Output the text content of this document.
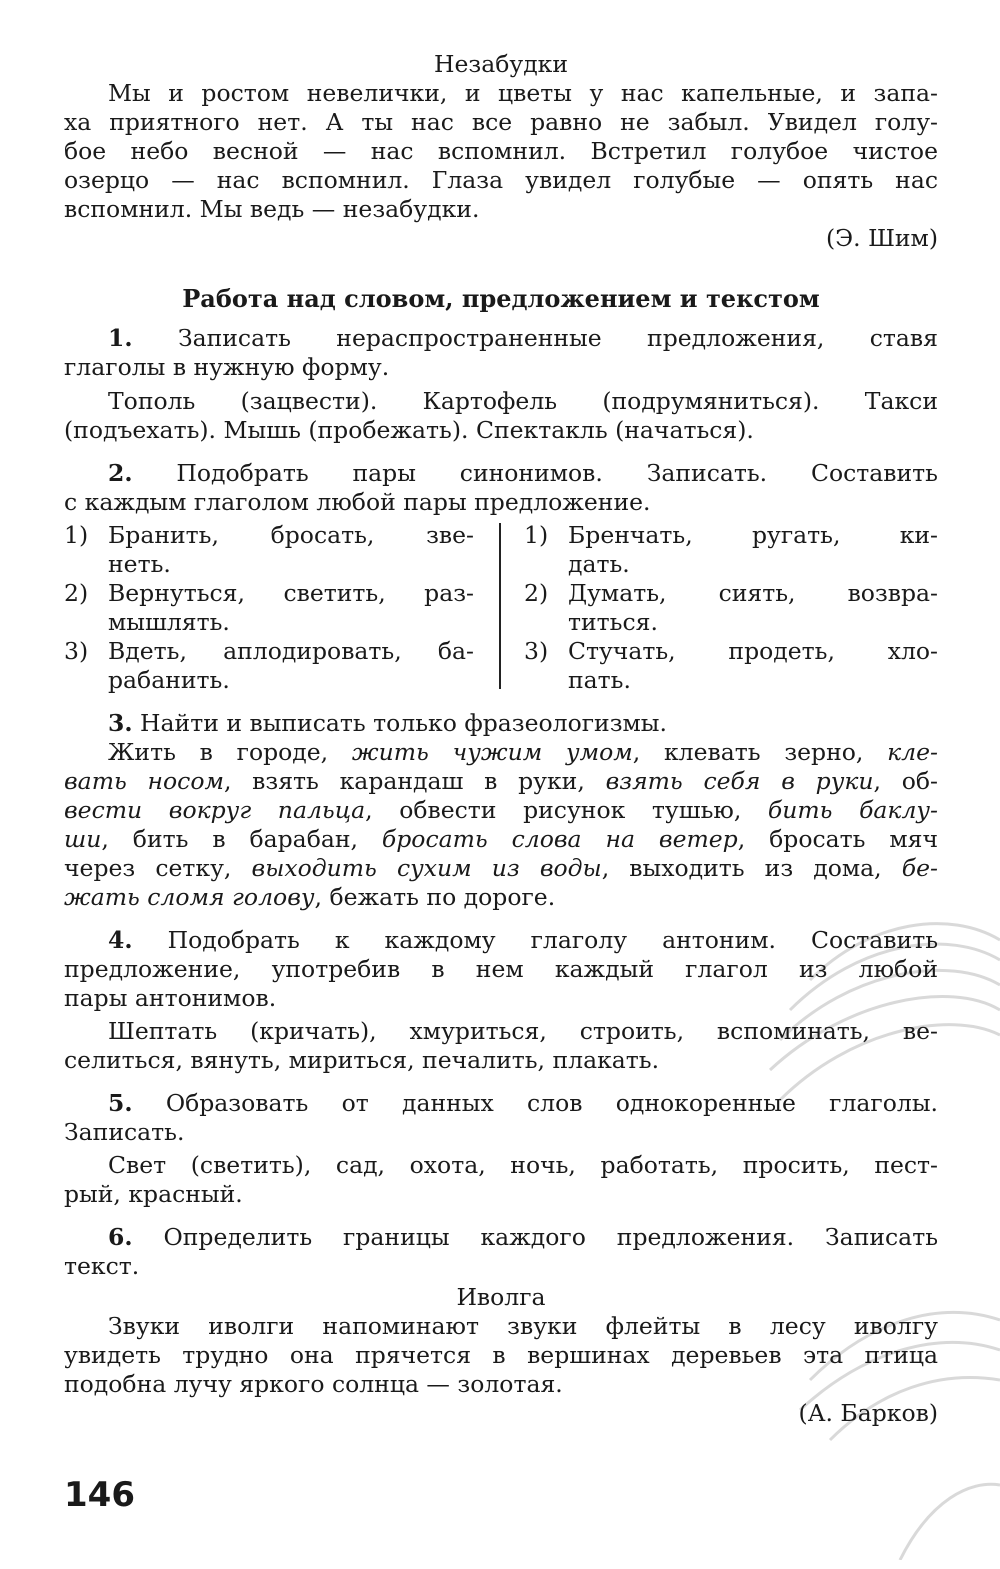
Незабудки
Мы и ростом невелички, и цветы у нас капельные, и запа-
ха приятного нет. А ты нас все равно не забыл. Увидел голу-
бое небо весной — нас вспомнил. Встретил голубое чистое
озерцо — нас вспомнил. Глаза увидел голубые — опять нас
вспомнил. Мы ведь — незабудки.
(Э. Шим)
Работа над словом, предложением и текстом
1. Записать нераспространенные предложения, ставя
глаголы в нужную форму.
Тополь (зацвести). Картофель (подрумяниться). Такси
(подъехать). Мышь (пробежать). Спектакль (начаться).
2. Подобрать пары синонимов. Записать. Составить
с каждым глаголом любой пары предложение.
1) Бранить, бросать, зве-
неть.
2) Вернуться, светить, раз-
мышлять.
3) Вдеть, аплодировать, ба-
рабанить.
1) Бренчать, ругать, ки-
дать.
2) Думать, сиять, возвра-
титься.
3) Стучать, продеть, хло-
пать.
3. Найти и выписать только фразеологизмы.
Жить в городе, жить чужим умом, клевать зерно, кле-
вать носом, взять карандаш в руки, взять себя в руки, об-
вести вокруг пальца, обвести рисунок тушью, бить баклу-
ши, бить в барабан, бросать слова на ветер, бросать мяч
через сетку, выходить сухим из воды, выходить из дома, бе-
жать сломя голову, бежать по дороге.
4. Подобрать к каждому глаголу антоним. Составить
предложение, употребив в нем каждый глагол из любой
пары антонимов.
Шептать (кричать), хмуриться, строить, вспоминать, ве-
селиться, вянуть, мириться, печалить, плакать.
5. Образовать от данных слов однокоренные глаголы.
Записать.
Свет (светить), сад, охота, ночь, работать, просить, пест-
рый, красный.
6. Определить границы каждого предложения. Записать
текст.
Иволга
Звуки иволги напоминают звуки флейты в лесу иволгу
увидеть трудно она прячется в вершинах деревьев эта птица
подобна лучу яркого солнца — золотая.
(А. Барков)
146
